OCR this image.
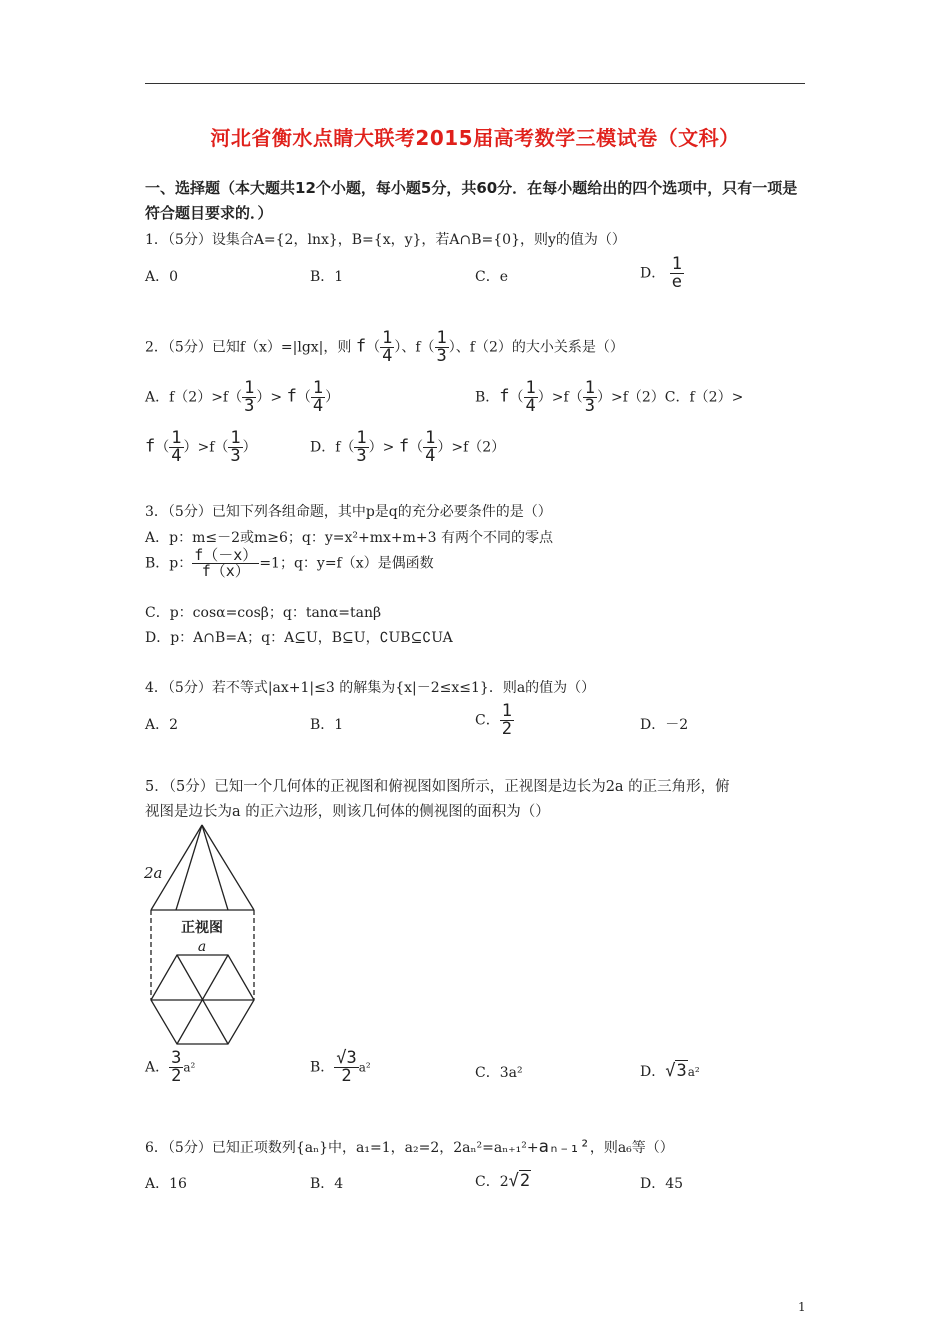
河北省衡水点睛大联考2015届高考数学三模试卷（文科）
一、选择题（本大题共12个小题，每小题5分，共60分．在每小题给出的四个选项中，只有一项是符合题目要求的．）
1．（5分）设集合A={2，lnx}，B={x，y}，若A∩B={0}，则y的值为（）
A．0	B．1	C．e	D． $\frac{1}{e}$
2．（5分）已知f（x）=|lgx|，则 $f( \frac{1}{4}$ ）、$f( \frac{1}{3}$ ）、f（2）的大小关系是（）
A．$f(2)>f( \frac{1}{3}$ ）> $f( \frac{1}{4}$ ）	B．$f( \frac{1}{4} )>f( \frac{1}{3} )>f(2)C$．f（2）>
$f( \frac{1}{4} )>f( \frac{1}{3}$ ）	D．$f( \frac{1}{3}$ ）> $f( \frac{1}{4} )>f(2)$
3．（5分）已知下列各组命题，其中p是q的充分必要条件的是（）
A．p：m≤－2或m≥6；q：y=x²+mx+m+3 有两个不同的零点
B．p： $\frac{f(-x)}{f(x)} =1$；q：y=f（x）是偶函数
C．p：cosα=cosβ；q：tanα=tanβ
D．p：A∩B=A；q：A⊆U，B⊆U，∁UB⊆∁UA
4．（5分）若不等式|ax+1|≤3 的解集为{x|－2≤x≤1}．则a的值为（）
A．2	B．1	C． $\frac{1}{2}$	D．－2
5．（5分）已知一个几何体的正视图和俯视图如图所示，正视图是边长为2a 的正三角形，俯
视图是边长为a 的正六边形，则该几何体的侧视图的面积为（）
2a
正视图
a
A． $\frac{3}{2} a^2$	B． $\frac{√3}{2} a^2$	C．3a²	D．√3a²
6．（5分）已知正项数列{aₙ}中，a₁=1，a₂=2，2aₙ²=aₙ₊₁²+aₙ₋₁²，则a₆等（）
A．16	B．4	C．2√2	D．45
1
